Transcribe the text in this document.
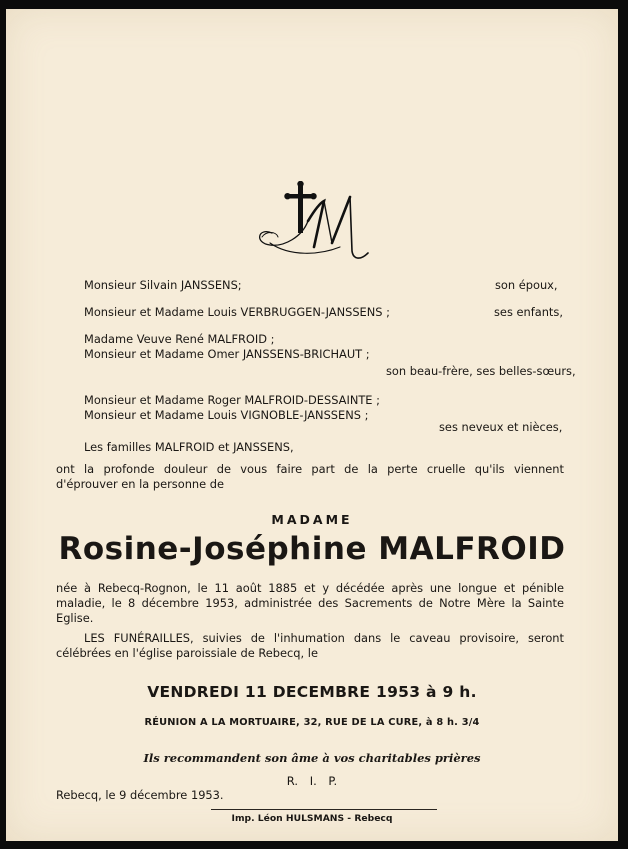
Monsieur Silvain JANSSENS;	son époux,
Monsieur et Madame Louis VERBRUGGEN-JANSSENS ;	ses enfants,
Madame Veuve René MALFROID ;
Monsieur et Madame Omer JANSSENS-BRICHAUT ;
son beau-frère, ses belles-sœurs,
Monsieur et Madame Roger MALFROID-DESSAINTE ;
Monsieur et Madame Louis VIGNOBLE-JANSSENS ;
ses neveux et nièces,
Les familles MALFROID et JANSSENS,
ont la profonde douleur de vous faire part de la perte cruelle qu'ils viennent
d'éprouver en la personne de
MADAME
Rosine-Joséphine MALFROID
née à Rebecq-Rognon, le 11 août 1885 et y décédée après une longue et pénible
maladie, le 8 décembre 1953, administrée des Sacrements de Notre Mère la Sainte
Eglise.
LES FUNÉRAILLES, suivies de l'inhumation dans le caveau provisoire, seront
célébrées en l'église paroissiale de Rebecq, le
VENDREDI 11 DECEMBRE 1953 à 9 h.
RÉUNION A LA MORTUAIRE, 32, RUE DE LA CURE, à 8 h. 3/4
Ils recommandent son âme à vos charitables prières
R. I. P.
Rebecq, le 9 décembre 1953.
Imp. Léon HULSMANS - Rebecq
